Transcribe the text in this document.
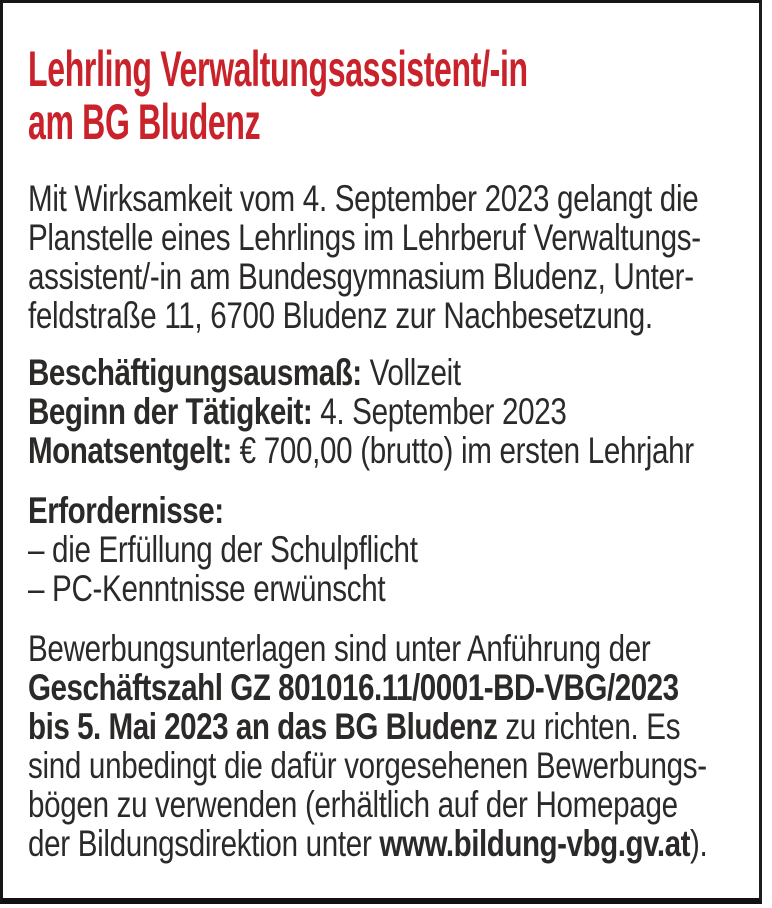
Lehrling Verwaltungsassistent/-in
am BG Bludenz
Mit Wirksamkeit vom 4. September 2023 gelangt die
Planstelle eines Lehrlings im Lehrberuf Verwaltungs-
assistent/-in am Bundesgymnasium Bludenz, Unter-
feldstraße 11, 6700 Bludenz zur Nachbesetzung.
Beschäftigungsausmaß: Vollzeit
Beginn der Tätigkeit: 4. September 2023
Monatsentgelt: € 700,00 (brutto) im ersten Lehrjahr
Erfordernisse:
– die Erfüllung der Schulpflicht
– PC-Kenntnisse erwünscht
Bewerbungsunterlagen sind unter Anführung der
Geschäftszahl GZ 801016.11/0001-BD-VBG/2023
bis 5. Mai 2023 an das BG Bludenz zu richten. Es
sind unbedingt die dafür vorgesehenen Bewerbungs-
bögen zu verwenden (erhältlich auf der Homepage
der Bildungsdirektion unter www.bildung-vbg.gv.at).
